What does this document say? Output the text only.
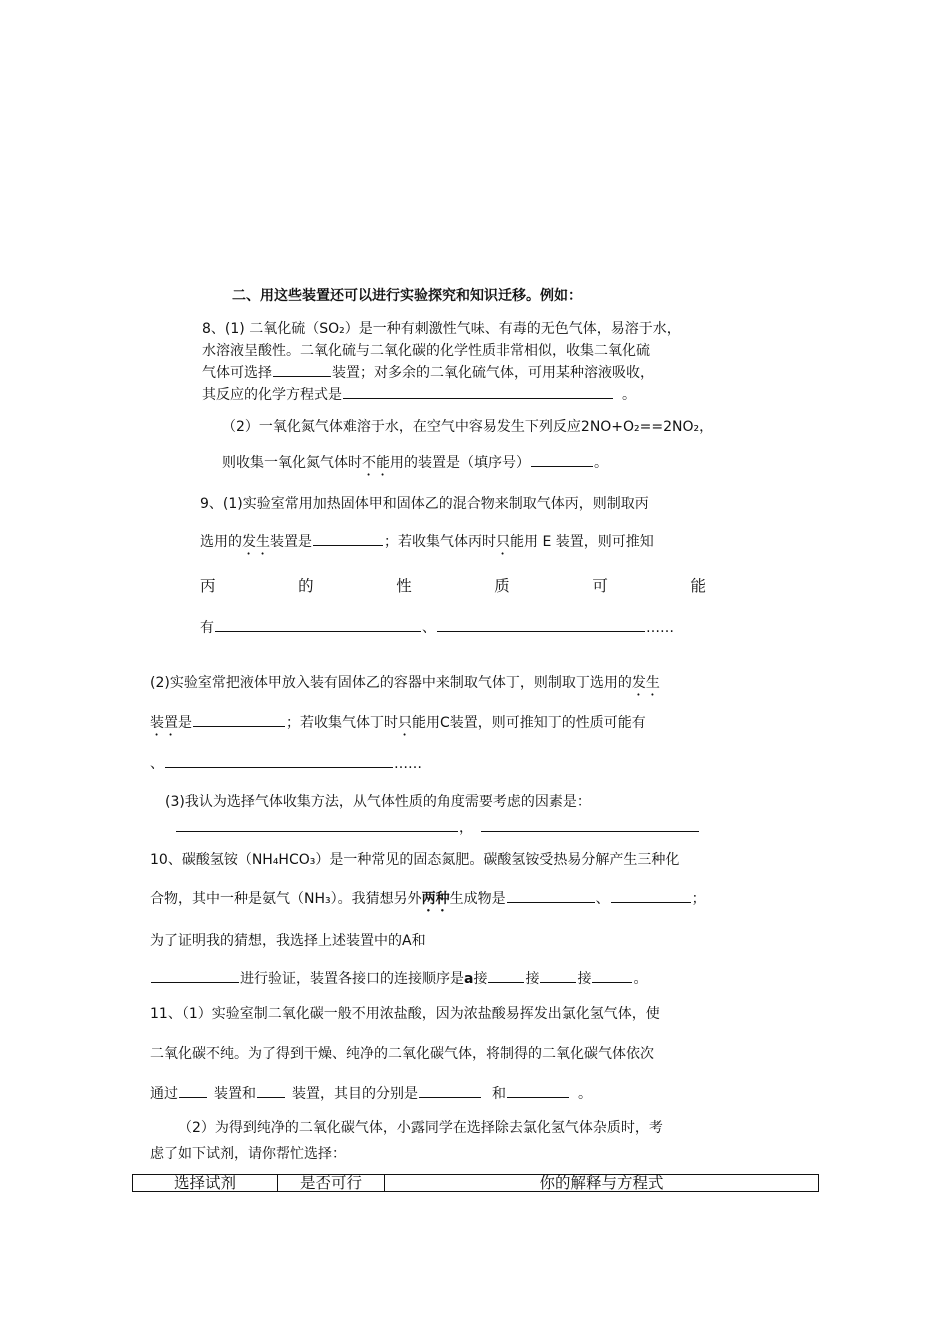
二、用这些装置还可以进行实验探究和知识迁移。例如：
8、(1) 二氧化硫（SO₂）是一种有刺激性气味、有毒的无色气体，易溶于水，
水溶液呈酸性。二氧化硫与二氧化碳的化学性质非常相似，收集二氧化硫
气体可选择	装置；对多余的二氧化硫气体，可用某种溶液吸收，
其反应的化学方程式是	。
（2）一氧化氮气体难溶于水，在空气中容易发生下列反应2NO+O₂==2NO₂，
则收集一氧化氮气体时不能用的装置是（填序号）	。
9、(1)实验室常用加热固体甲和固体乙的混合物来制取气体丙，则制取丙
选用的发生装置是	；若收集气体丙时只能用 E 装置，则可推知
丙	的	性	质	可	能
有	、	……
(2)实验室常把液体甲放入装有固体乙的容器中来制取气体丁，则制取丁选用的发生
装置是	；若收集气体丁时只能用C装置，则可推知丁的性质可能有
、	……
(3)我认为选择气体收集方法，从气体性质的角度需要考虑的因素是：
，
10、碳酸氢铵（NH₄HCO₃）是一种常见的固态氮肥。碳酸氢铵受热易分解产生三种化
合物，其中一种是氨气（NH₃）。我猜想另外两种生成物是	、	；
为了证明我的猜想，我选择上述装置中的A和
进行验证，装置各接口的连接顺序是a接	接	接	。
11、（1）实验室制二氧化碳一般不用浓盐酸，因为浓盐酸易挥发出氯化氢气体，使
二氧化碳不纯。为了得到干燥、纯净的二氧化碳气体，将制得的二氧化碳气体依次
通过	装置和	装置，其目的分别是	和	。
（2）为得到纯净的二氧化碳气体，小露同学在选择除去氯化氢气体杂质时，考
虑了如下试剂，请你帮忙选择：
选择试剂	是否可行	你的解释与方程式
